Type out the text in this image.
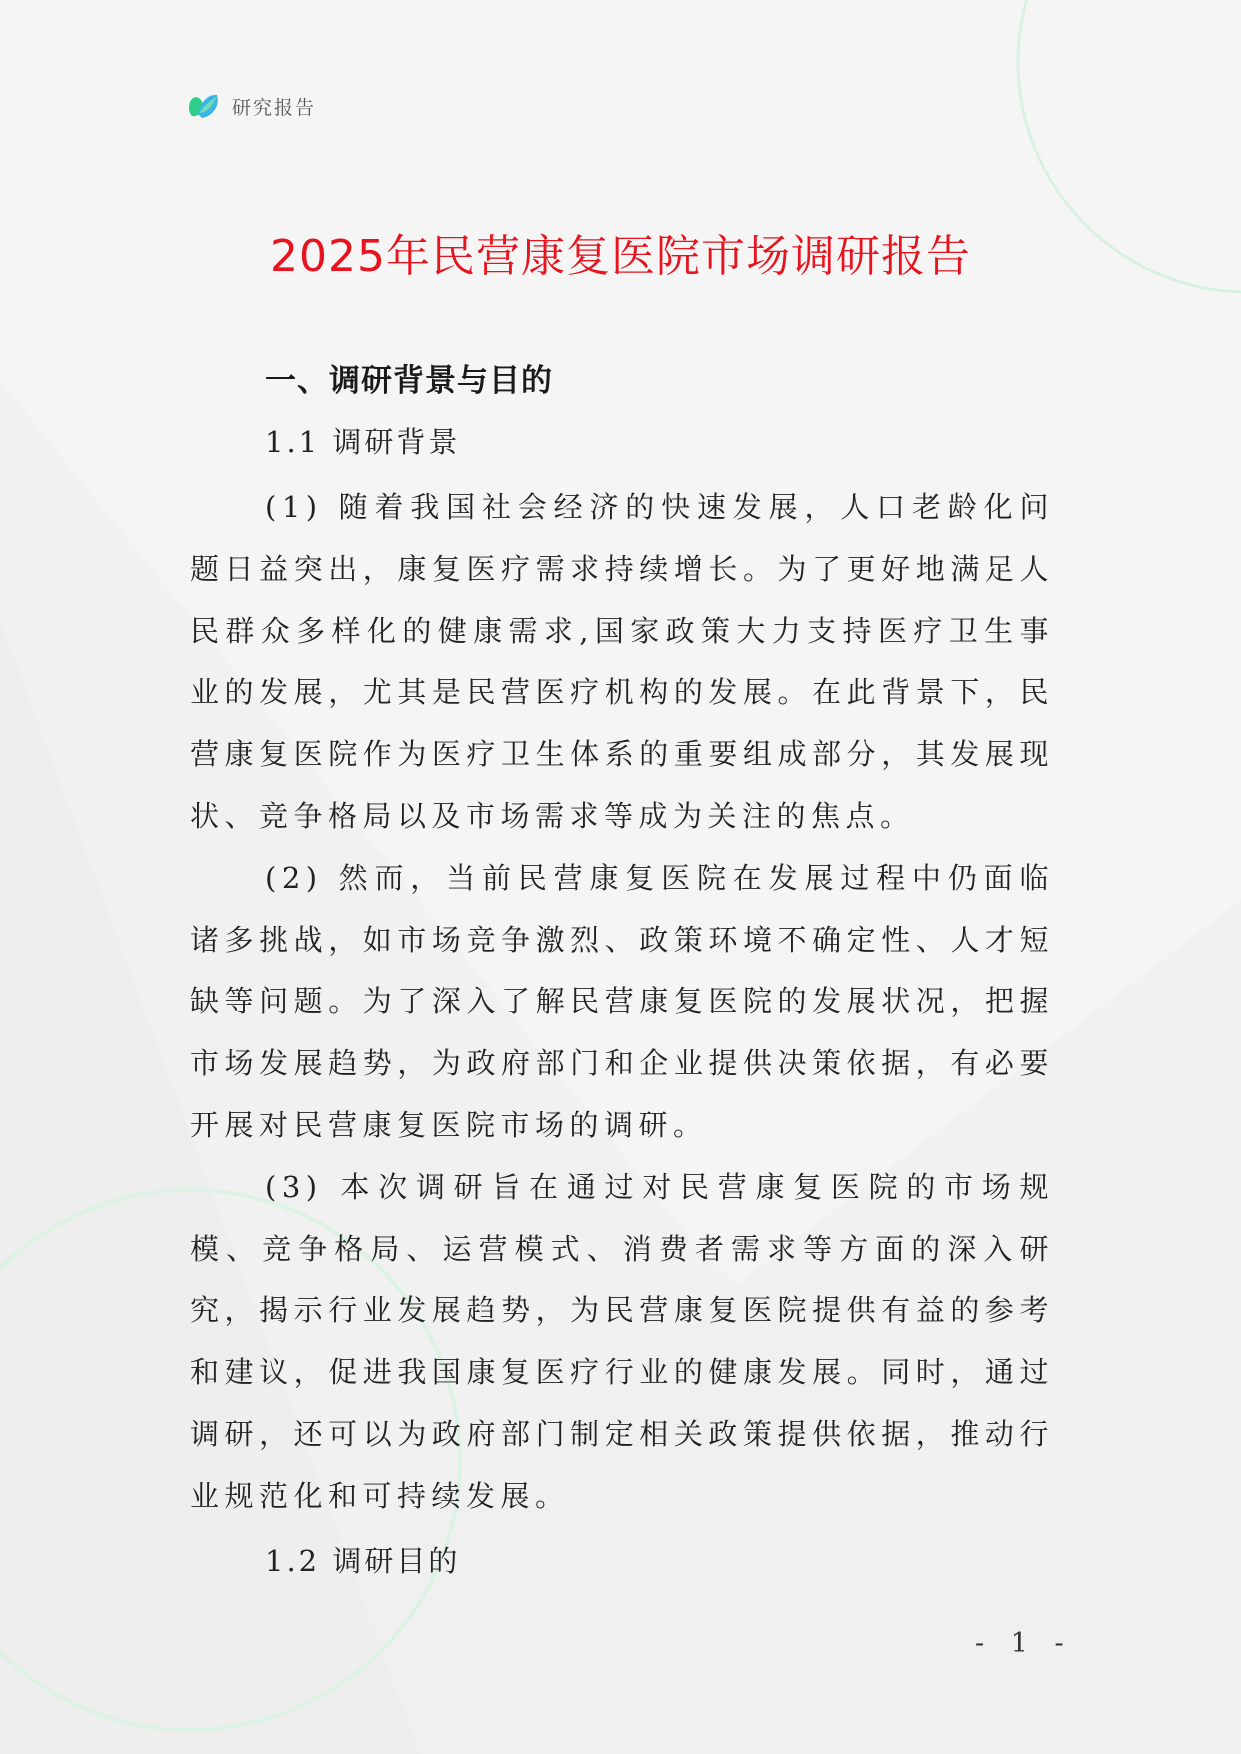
研究报告
2025年民营康复医院市场调研报告
一、调研背景与目的
1.1 调研背景

(1) 随着我国社会经济的快速发展，人口老龄化问题日益突出，康复医疗需求持续增长。为了更好地满足人民群众多样化的健康需求,国家政策大力支持医疗卫生事业的发展，尤其是民营医疗机构的发展。在此背景下，民营康复医院作为医疗卫生体系的重要组成部分，其发展现状、竞争格局以及市场需求等成为关注的焦点。

(2) 然而，当前民营康复医院在发展过程中仍面临诸多挑战，如市场竞争激烈、政策环境不确定性、人才短缺等问题。为了深入了解民营康复医院的发展状况，把握市场发展趋势，为政府部门和企业提供决策依据，有必要开展对民营康复医院市场的调研。

(3) 本次调研旨在通过对民营康复医院的市场规模、竞争格局、运营模式、消费者需求等方面的深入研究，揭示行业发展趋势，为民营康复医院提供有益的参考和建议，促进我国康复医疗行业的健康发展。同时，通过调研，还可以为政府部门制定相关政策提供依据，推动行业规范化和可持续发展。

1.2 调研目的
- 1 -
